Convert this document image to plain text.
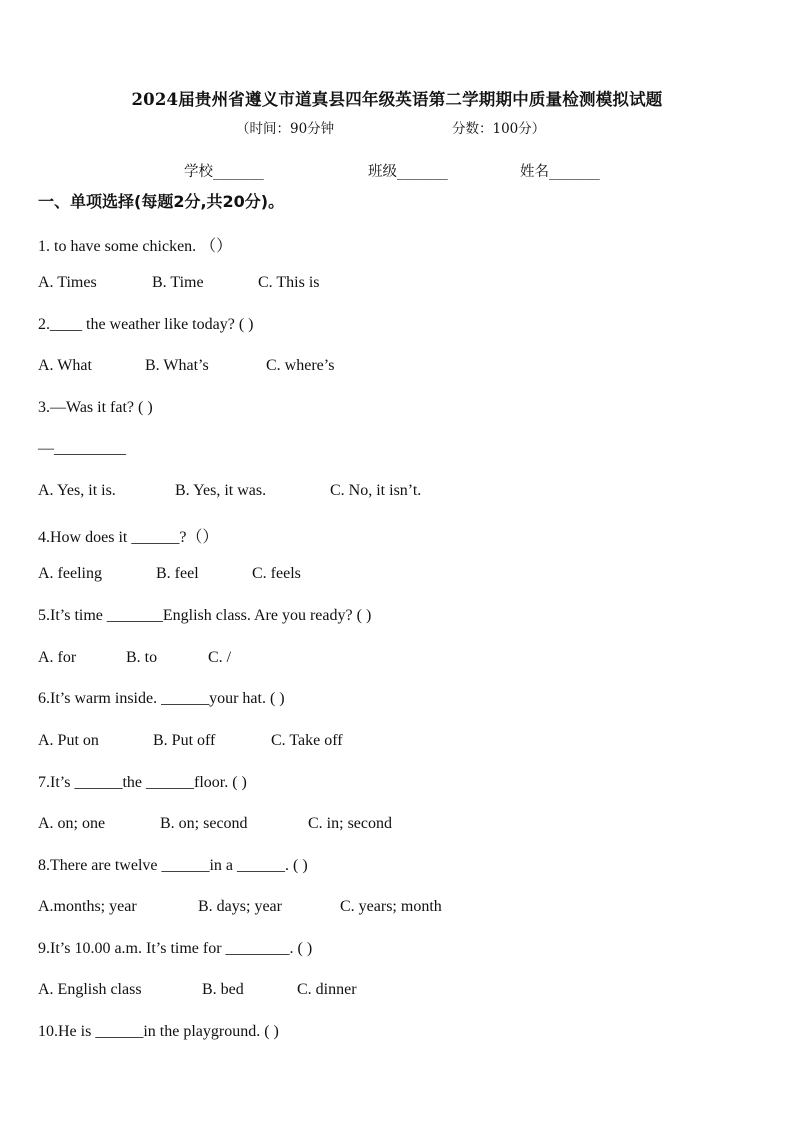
2024届贵州省遵义市道真县四年级英语第二学期期中质量检测模拟试题
（时间：90分钟	分数：100分）
学校_______	班级_______	姓名_______
一、单项选择(每题2分,共20分)。
1. to have some chicken. （）
A. Times	B. Time	C. This is
2.____ the weather like today? ( )
A. What	B. What’s	C. where’s
3.—Was it fat? ( )
—_________
A. Yes, it is.	B. Yes, it was.	C. No, it isn’t.
4.How does it ______?（）
A. feeling	B. feel	C. feels
5.It’s time _______English class. Are you ready? ( )
A. for	B. to	C. /
6.It’s warm inside. ______your hat. ( )
A. Put on	B. Put off	C. Take off
7.It’s ______the ______floor. ( )
A. on; one	B. on; second	C. in; second
8.There are twelve ______in a ______. ( )
A.months; year	B. days; year	C. years; month
9.It’s 10.00 a.m. It’s time for ________. ( )
A. English class	B. bed	C. dinner
10.He is ______in the playground. ( )
